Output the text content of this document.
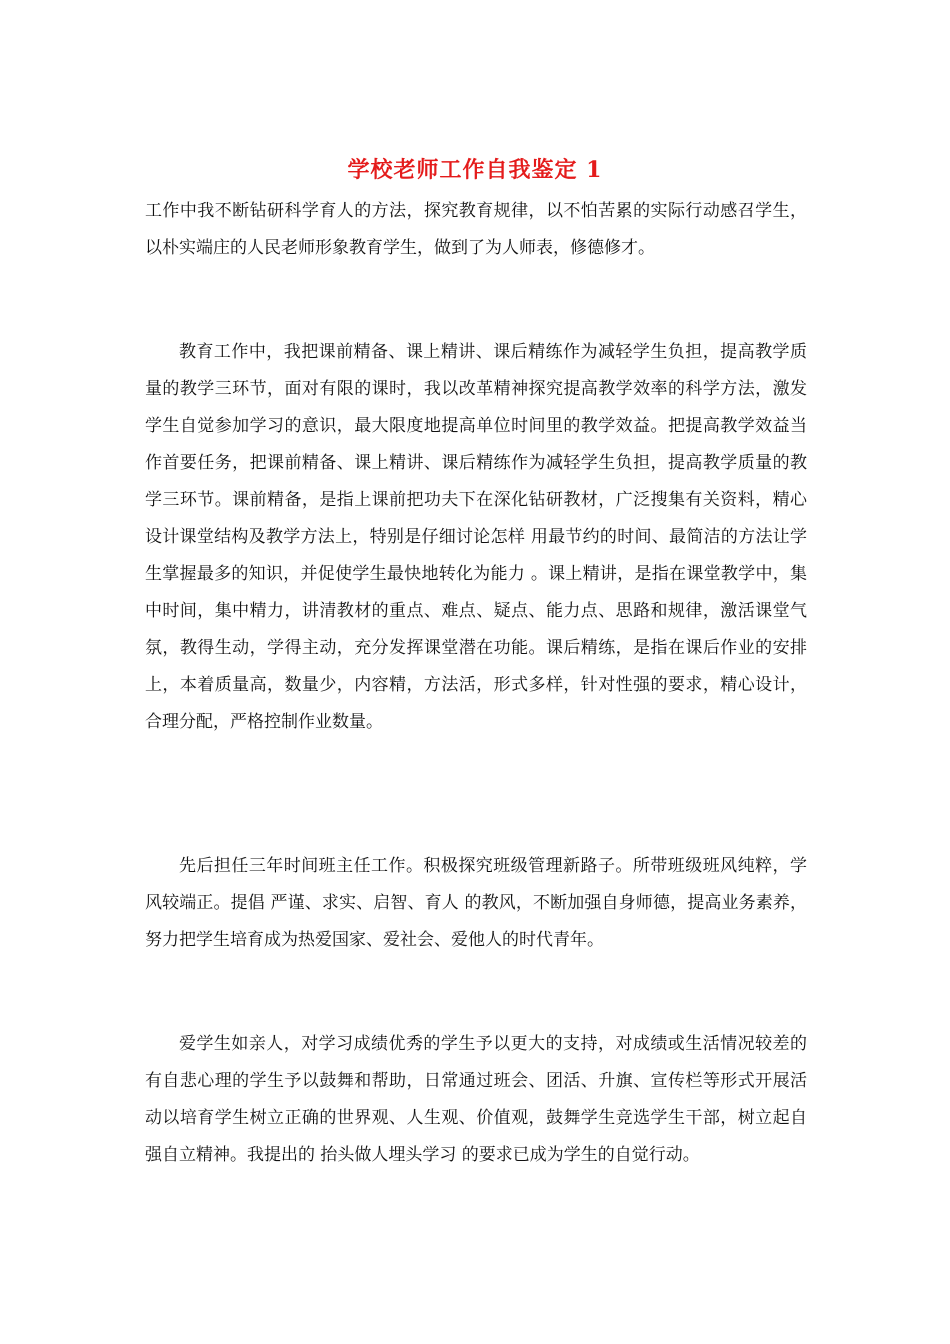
学校老师工作自我鉴定 1

工作中我不断钻研科学育人的方法，探究教育规律，以不怕苦累的实际行动感召学生，以朴实端庄的人民老师形象教育学生，做到了为人师表，修德修才。

教育工作中，我把课前精备、课上精讲、课后精练作为减轻学生负担，提高教学质量的教学三环节，面对有限的课时，我以改革精神探究提高教学效率的科学方法，激发学生自觉参加学习的意识，最大限度地提高单位时间里的教学效益。把提高教学效益当作首要任务，把课前精备、课上精讲、课后精练作为减轻学生负担，提高教学质量的教学三环节。课前精备，是指上课前把功夫下在深化钻研教材，广泛搜集有关资料，精心设计课堂结构及教学方法上，特别是仔细讨论怎样 用最节约的时间、最简洁的方法让学生掌握最多的知识，并促使学生最快地转化为能力 。课上精讲，是指在课堂教学中，集中时间，集中精力，讲清教材的重点、难点、疑点、能力点、思路和规律，激活课堂气氛，教得生动，学得主动，充分发挥课堂潜在功能。课后精练，是指在课后作业的安排上，本着质量高，数量少，内容精，方法活，形式多样，针对性强的要求，精心设计，合理分配，严格控制作业数量。

先后担任三年时间班主任工作。积极探究班级管理新路子。所带班级班风纯粹，学风较端正。提倡 严谨、求实、启智、育人 的教风，不断加强自身师德，提高业务素养，努力把学生培育成为热爱国家、爱社会、爱他人的时代青年。

爱学生如亲人，对学习成绩优秀的学生予以更大的支持，对成绩或生活情况较差的有自悲心理的学生予以鼓舞和帮助，日常通过班会、团活、升旗、宣传栏等形式开展活动以培育学生树立正确的世界观、人生观、价值观，鼓舞学生竞选学生干部，树立起自强自立精神。我提出的 抬头做人埋头学习 的要求已成为学生的自觉行动。
